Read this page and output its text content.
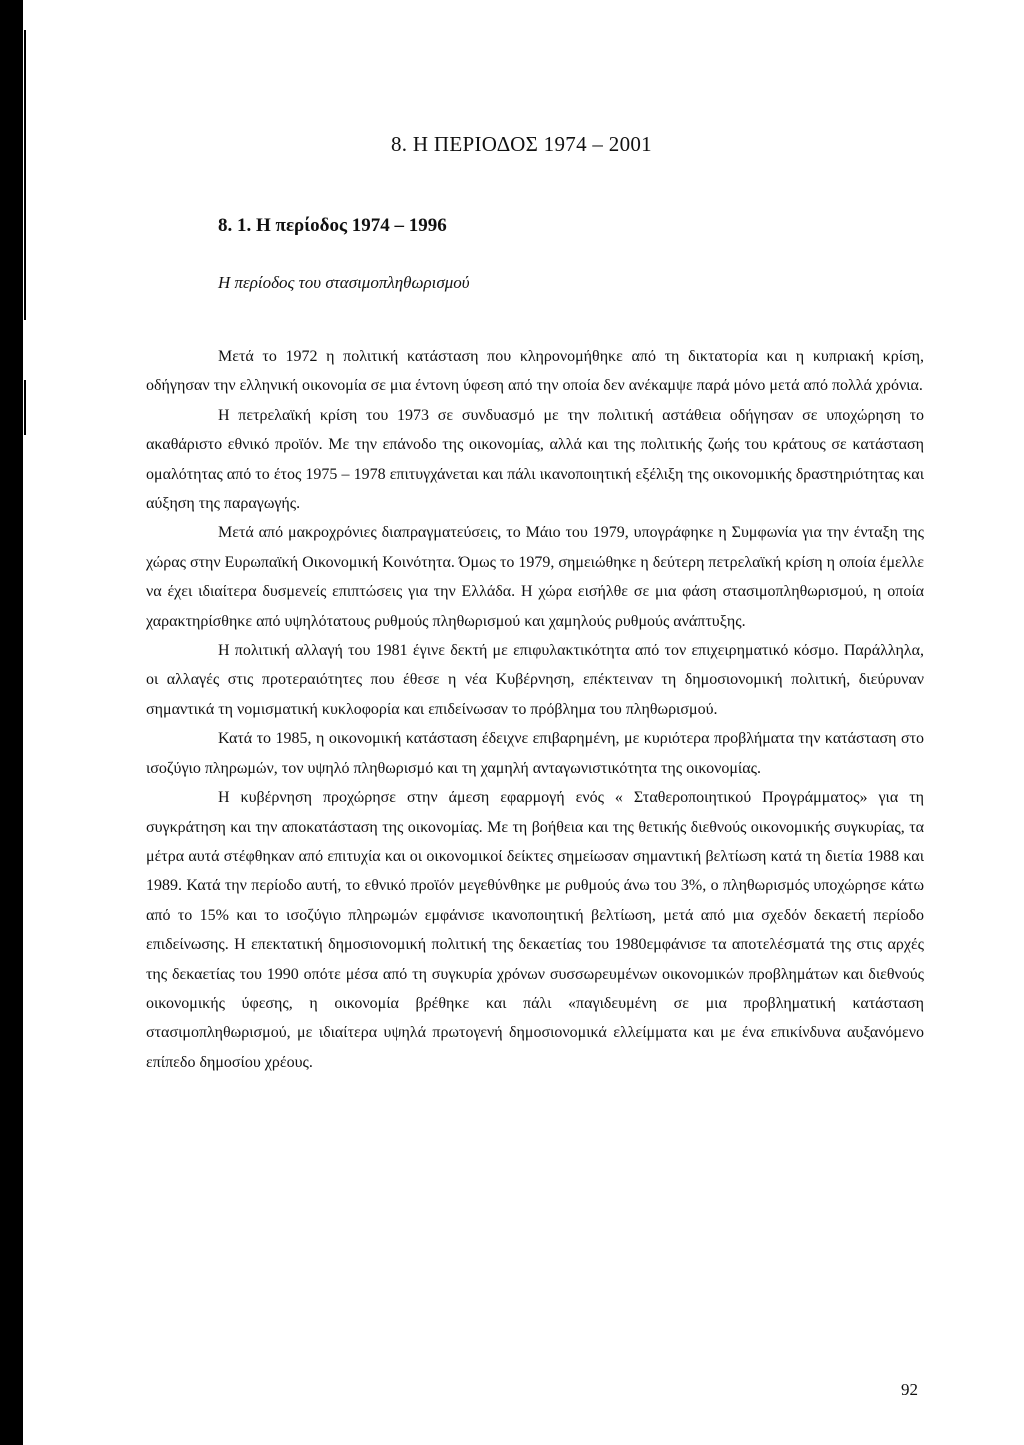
8. Η ΠΕΡΙΟΔΟΣ 1974 – 2001
8. 1. Η περίοδος 1974 – 1996
Η περίοδος του στασιμοπληθωρισμού

Μετά το 1972 η πολιτική κατάσταση που κληρονομήθηκε από τη δικτατορία και η κυπριακή κρίση, οδήγησαν την ελληνική οικονομία σε μια έντονη ύφεση από την οποία δεν ανέκαμψε παρά μόνο μετά από πολλά χρόνια.

Η πετρελαϊκή κρίση του 1973 σε συνδυασμό με την πολιτική αστάθεια οδήγησαν σε υποχώρηση το ακαθάριστο εθνικό προϊόν. Με την επάνοδο της οικονομίας, αλλά και της πολιτικής ζωής του κράτους σε κατάσταση ομαλότητας από το έτος 1975 – 1978 επιτυγχάνεται και πάλι ικανοποιητική εξέλιξη της οικονομικής δραστηριότητας και αύξηση της παραγωγής.

Μετά από μακροχρόνιες διαπραγματεύσεις, το Μάιο του 1979, υπογράφηκε η Συμφωνία για την ένταξη της χώρας στην Ευρωπαϊκή Οικονομική Κοινότητα. Όμως το 1979, σημειώθηκε η δεύτερη πετρελαϊκή κρίση η οποία έμελλε να έχει ιδιαίτερα δυσμενείς επιπτώσεις για την Ελλάδα. Η χώρα εισήλθε σε μια φάση στασιμοπληθωρισμού, η οποία χαρακτηρίσθηκε από υψηλότατους ρυθμούς πληθωρισμού και χαμηλούς ρυθμούς ανάπτυξης.

Η πολιτική αλλαγή του 1981 έγινε δεκτή με επιφυλακτικότητα από τον επιχειρηματικό κόσμο. Παράλληλα, οι αλλαγές στις προτεραιότητες που έθεσε η νέα Κυβέρνηση, επέκτειναν τη δημοσιονομική πολιτική, διεύρυναν σημαντικά τη νομισματική κυκλοφορία και επιδείνωσαν το πρόβλημα του πληθωρισμού.

Κατά το 1985, η οικονομική κατάσταση έδειχνε επιβαρημένη, με κυριότερα προβλήματα την κατάσταση στο ισοζύγιο πληρωμών, τον υψηλό πληθωρισμό και τη χαμηλή ανταγωνιστικότητα της οικονομίας.

Η κυβέρνηση προχώρησε στην άμεση εφαρμογή ενός « Σταθεροποιητικού Προγράμματος» για τη συγκράτηση και την αποκατάσταση της οικονομίας. Με τη βοήθεια και της θετικής διεθνούς οικονομικής συγκυρίας, τα μέτρα αυτά στέφθηκαν από επιτυχία και οι οικονομικοί δείκτες σημείωσαν σημαντική βελτίωση κατά τη διετία 1988 και 1989. Κατά την περίοδο αυτή, το εθνικό προϊόν μεγεθύνθηκε με ρυθμούς άνω του 3%, ο πληθωρισμός υποχώρησε κάτω από το 15% και το ισοζύγιο πληρωμών εμφάνισε ικανοποιητική βελτίωση, μετά από μια σχεδόν δεκαετή περίοδο επιδείνωσης. Η επεκτατική δημοσιονομική πολιτική της δεκαετίας του 1980εμφάνισε τα αποτελέσματά της στις αρχές της δεκαετίας του 1990 οπότε μέσα από τη συγκυρία χρόνων συσσωρευμένων οικονομικών προβλημάτων και διεθνούς οικονομικής ύφεσης, η οικονομία βρέθηκε και πάλι «παγιδευμένη σε μια προβληματική κατάσταση στασιμοπληθωρισμού, με ιδιαίτερα υψηλά πρωτογενή δημοσιονομικά ελλείμματα και με ένα επικίνδυνα αυξανόμενο επίπεδο δημοσίου χρέους.

92
